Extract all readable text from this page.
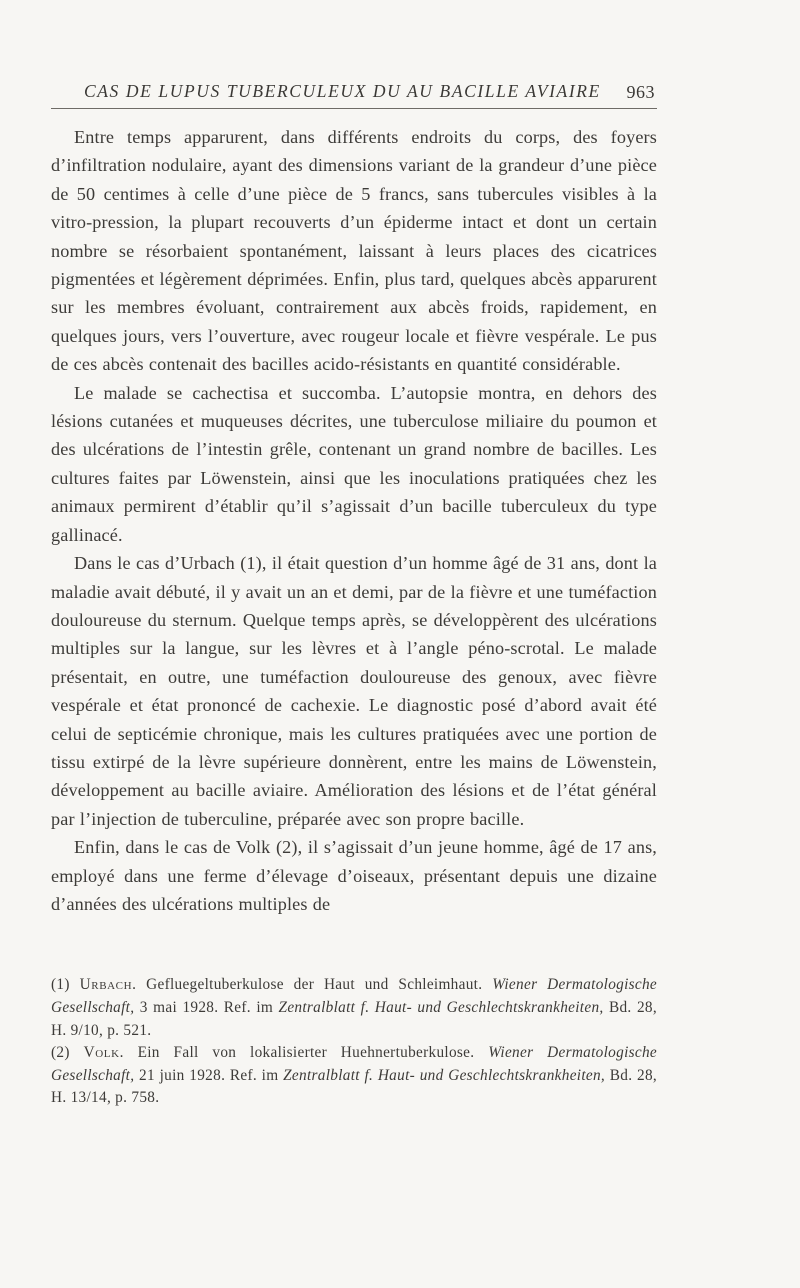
CAS DE LUPUS TUBERCULEUX DU AU BACILLE AVIAIRE 963

Entre temps apparurent, dans différents endroits du corps, des foyers d’infiltration nodulaire, ayant des dimensions variant de la grandeur d’une pièce de 50 centimes à celle d’une pièce de 5 francs, sans tubercules visibles à la vitro-pression, la plupart recouverts d’un épiderme intact et dont un certain nombre se résorbaient spontanément, laissant à leurs places des cicatrices pigmentées et légèrement déprimées. Enfin, plus tard, quelques abcès apparurent sur les membres évoluant, contrairement aux abcès froids, rapidement, en quelques jours, vers l’ouverture, avec rougeur locale et fièvre vespérale. Le pus de ces abcès contenait des bacilles acido-résistants en quantité considérable.

Le malade se cachectisa et succomba. L’autopsie montra, en dehors des lésions cutanées et muqueuses décrites, une tuberculose miliaire du poumon et des ulcérations de l’intestin grêle, contenant un grand nombre de bacilles. Les cultures faites par Löwenstein, ainsi que les inoculations pratiquées chez les animaux permirent d’établir qu’il s’agissait d’un bacille tuberculeux du type gallinacé.

Dans le cas d’Urbach (1), il était question d’un homme âgé de 31 ans, dont la maladie avait débuté, il y avait un an et demi, par de la fièvre et une tuméfaction douloureuse du sternum. Quelque temps après, se développèrent des ulcérations multiples sur la langue, sur les lèvres et à l’angle péno-scrotal. Le malade présentait, en outre, une tuméfaction douloureuse des genoux, avec fièvre vespérale et état prononcé de cachexie. Le diagnostic posé d’abord avait été celui de septicémie chronique, mais les cultures pratiquées avec une portion de tissu extirpé de la lèvre supérieure donnèrent, entre les mains de Löwenstein, développement au bacille aviaire. Amélioration des lésions et de l’état général par l’injection de tuberculine, préparée avec son propre bacille.

Enfin, dans le cas de Volk (2), il s’agissait d’un jeune homme, âgé de 17 ans, employé dans une ferme d’élevage d’oiseaux, présentant depuis une dizaine d’années des ulcérations multiples de

(1) Urbach. Gefluegeltuberkulose der Haut und Schleimhaut. Wiener Dermatologische Gesellschaft, 3 mai 1928. Ref. im Zentralblatt f. Haut- und Geschlechtskrankheiten, Bd. 28, H. 9/10, p. 521.

(2) Volk. Ein Fall von lokalisierter Huehnertuberkulose. Wiener Dermatologische Gesellschaft, 21 juin 1928. Ref. im Zentralblatt f. Haut- und Geschlechtskrankheiten, Bd. 28, H. 13/14, p. 758.
